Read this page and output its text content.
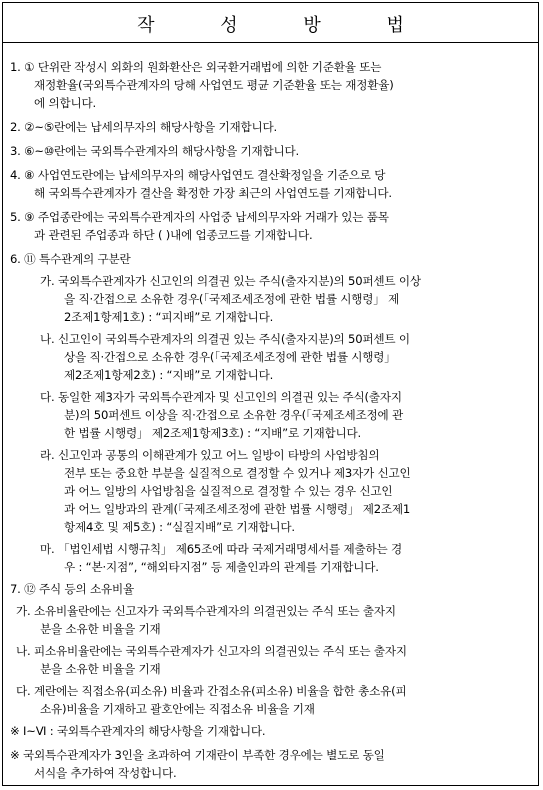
작 성 방 법
1. ① 단위란 작성시 외화의 원화환산은 외국환거래법에 의한 기준환율 또는
재정환율(국외특수관계자의 당해 사업연도 평균 기준환율 또는 재정환율)
에 의합니다.
2. ②~⑤란에는 납세의무자의 해당사항을 기재합니다.
3. ⑥~⑩란에는 국외특수관계자의 해당사항을 기재합니다.
4. ⑧ 사업연도란에는 납세의무자의 해당사업연도 결산확정일을 기준으로 당
해 국외특수관계자가 결산을 확정한 가장 최근의 사업연도를 기재합니다.
5. ⑨ 주업종란에는 국외특수관계자의 사업중 납세의무자와 거래가 있는 품목
과 관련된 주업종과 하단 ( )내에 업종코드를 기재합니다.
6. ⑪ 특수관계의 구분란
가. 국외특수관계자가 신고인의 의결권 있는 주식(출자지분)의 50퍼센트 이상
을 직·간접으로 소유한 경우(「국제조세조정에 관한 법률 시행령」 제
2조제1항제1호) : “피지배”로 기재합니다.
나. 신고인이 국외특수관계자의 의결권 있는 주식(출자지분)의 50퍼센트 이
상을 직·간접으로 소유한 경우(「국제조세조정에 관한 법률 시행령」
제2조제1항제2호) : “지배”로 기재합니다.
다. 동일한 제3자가 국외특수관계자 및 신고인의 의결권 있는 주식(출자지
분)의 50퍼센트 이상을 직·간접으로 소유한 경우(「국제조세조정에 관
한 법률 시행령」 제2조제1항제3호) : “지배”로 기재합니다.
라. 신고인과 공통의 이해관계가 있고 어느 일방이 타방의 사업방침의
전부 또는 중요한 부분을 실질적으로 결정할 수 있거나 제3자가 신고인
과 어느 일방의 사업방침을 실질적으로 결정할 수 있는 경우 신고인
과 어느 일방과의 관계(「국제조세조정에 관한 법률 시행령」 제2조제1
항제4호 및 제5호) : “실질지배”로 기재합니다.
마. 「법인세법 시행규칙」 제65조에 따라 국제거래명세서를 제출하는 경
우 : “본·지점”, “해외타지점” 등 제출인과의 관계를 기재합니다.
7. ⑫ 주식 등의 소유비율
가. 소유비율란에는 신고자가 국외특수관계자의 의결권있는 주식 또는 출자지
분을 소유한 비율을 기재
나. 피소유비율란에는 국외특수관계자가 신고자의 의결권있는 주식 또는 출자지
분을 소유한 비율을 기재
다. 계란에는 직접소유(피소유) 비율과 간접소유(피소유) 비율을 합한 총소유(피
소유)비율을 기재하고 괄호안에는 직접소유 비율을 기재
※ Ⅰ~Ⅵ : 국외특수관계자의 해당사항을 기재합니다.
※ 국외특수관계자가 3인을 초과하여 기재란이 부족한 경우에는 별도로 동일
서식을 추가하여 작성합니다.
